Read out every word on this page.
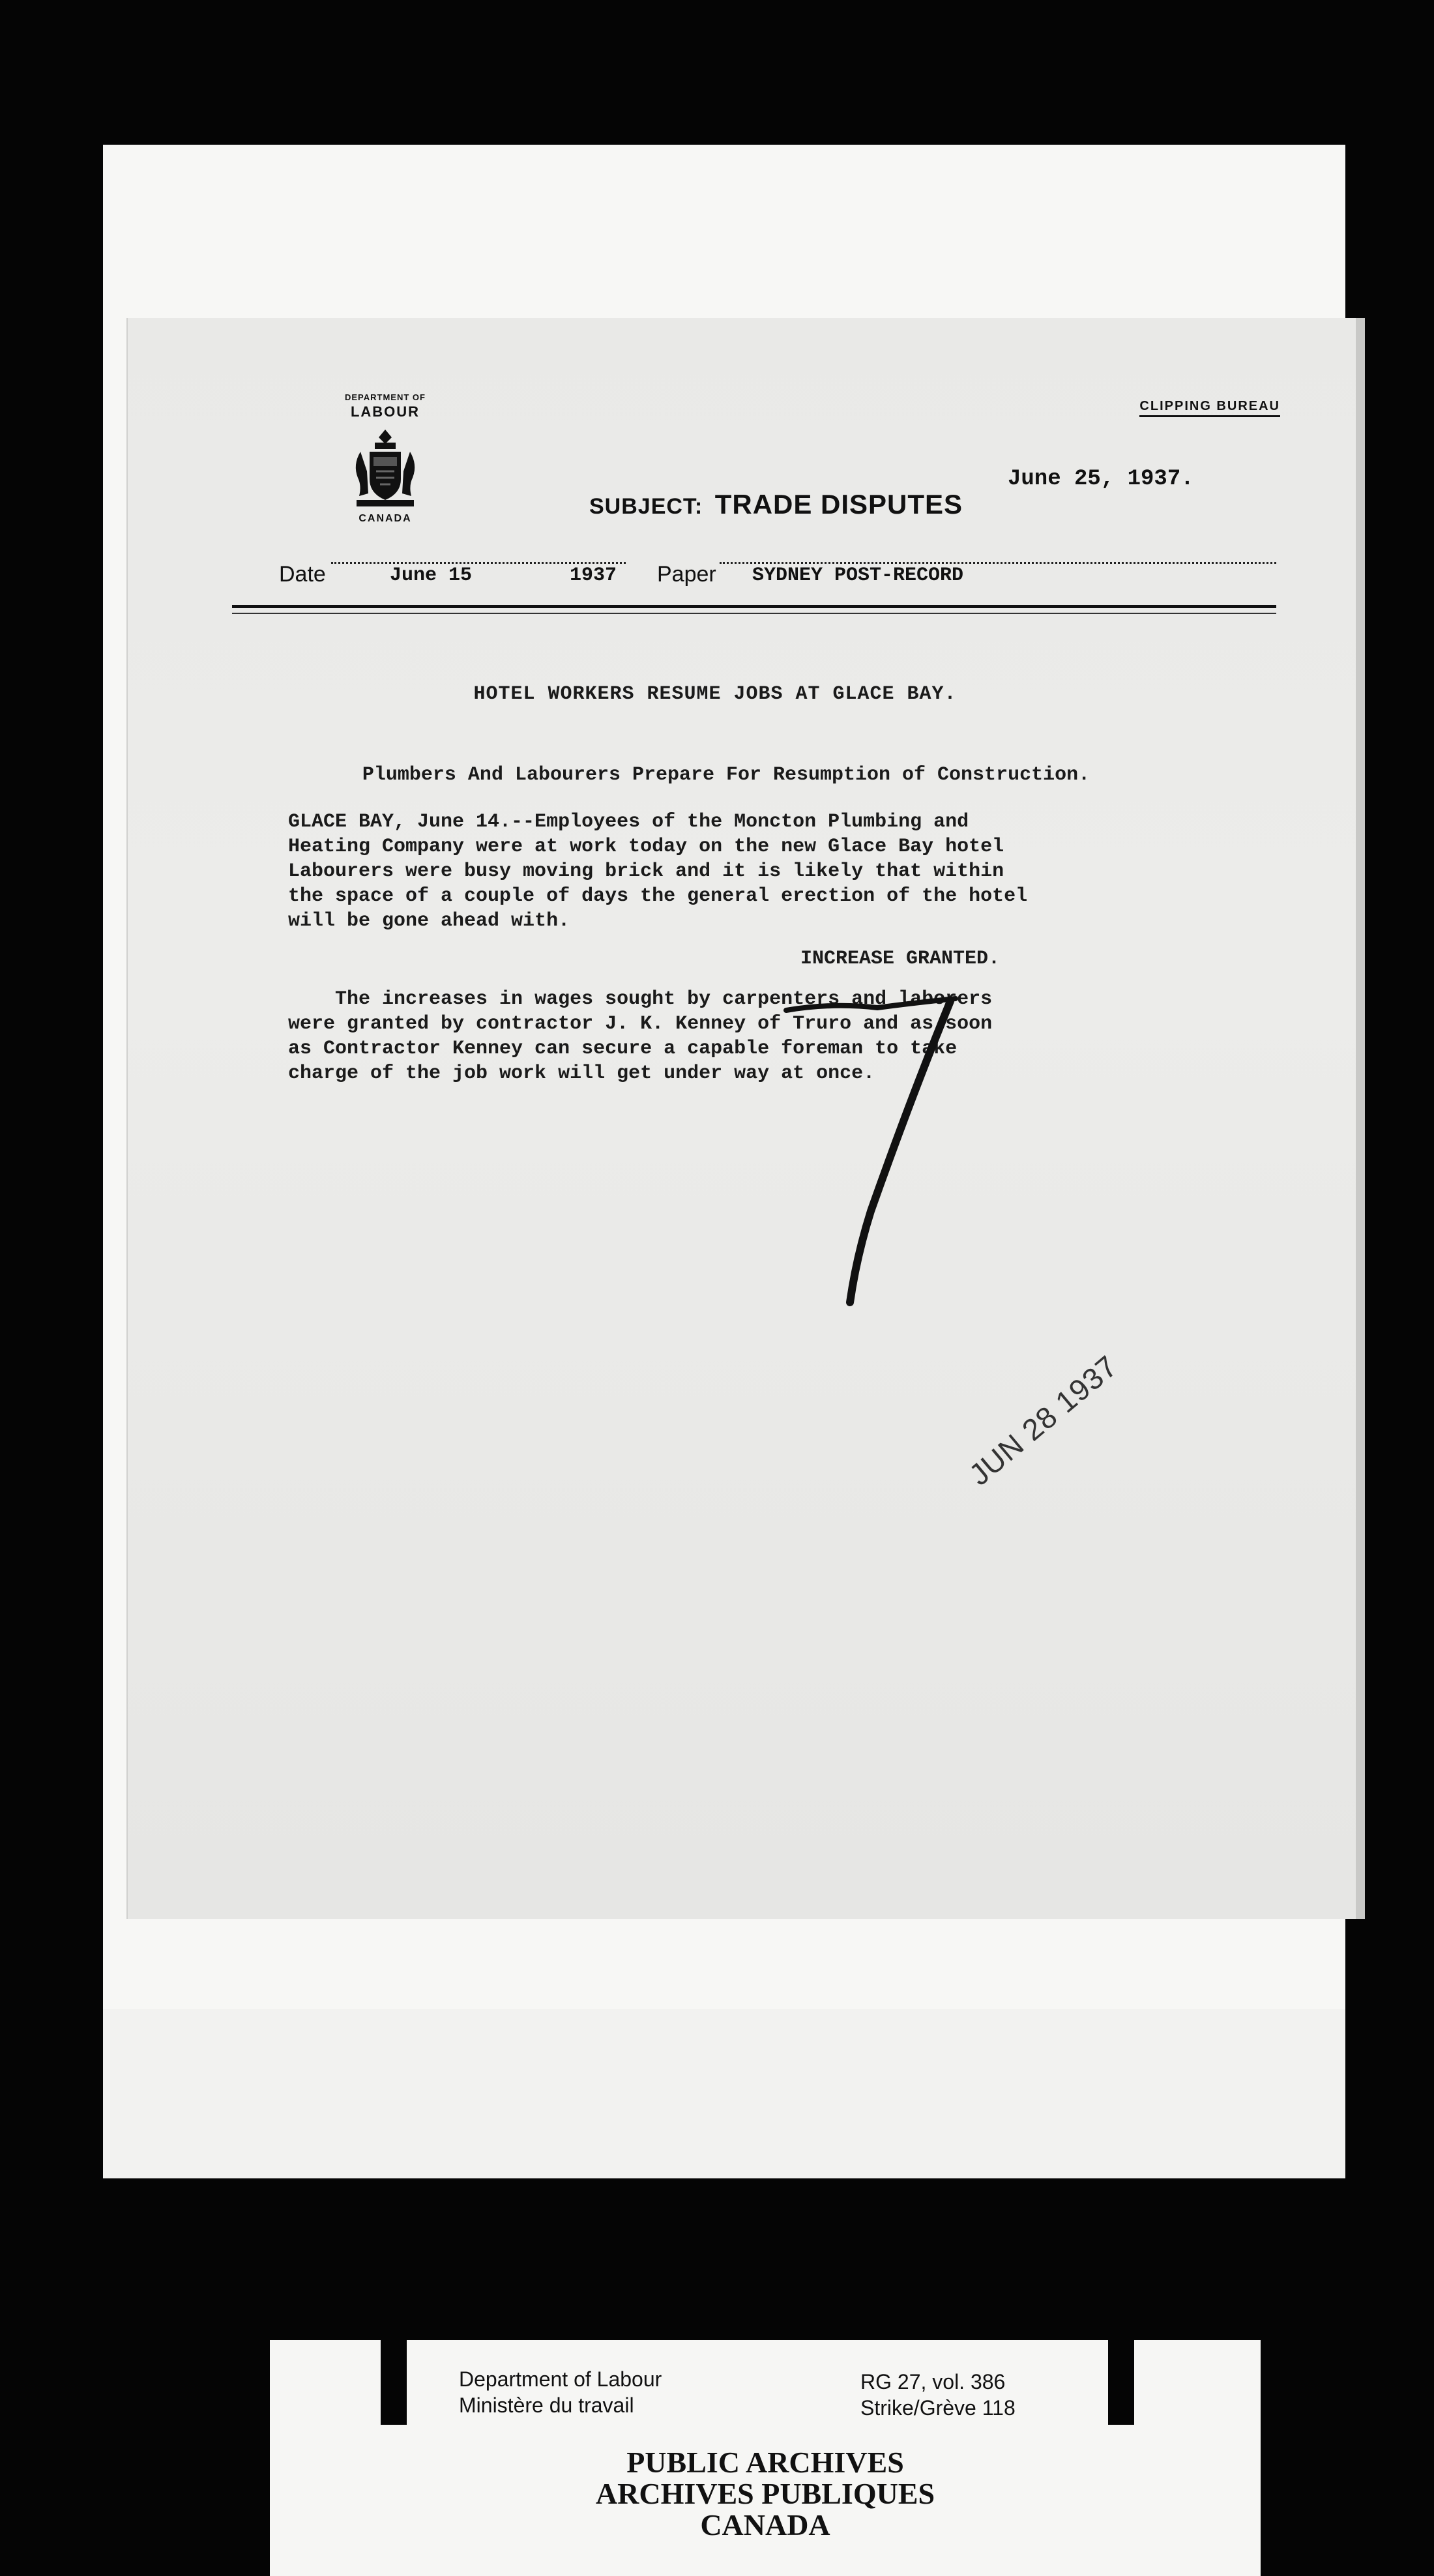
DEPARTMENT OF
LABOUR
CANADA
CLIPPING BUREAU
June 25, 1937.
SUBJECT: TRADE DISPUTES
Date	June 15	1937 Paper SYDNEY POST-RECORD
HOTEL WORKERS RESUME JOBS AT GLACE BAY.
Plumbers And Labourers Prepare For Resumption of Construction.

GLACE BAY, June 14.--Employees of the Moncton Plumbing and
Heating Company were at work today on the new Glace Bay hotel
Labourers were busy moving brick and it is likely that within
the space of a couple of days the general erection of the hotel
will be gone ahead with.

INCREASE GRANTED.

The increases in wages sought by carpenters and laborers
were granted by contractor J. K. Kenney of Truro and as soon
as Contractor Kenney can secure a capable foreman to take
charge of the job work will get under way at once.

JUN 28 1937
Department of Labour
Ministère du travail
RG 27, vol. 386
Strike/Grève 118
PUBLIC ARCHIVES
ARCHIVES PUBLIQUES
CANADA
